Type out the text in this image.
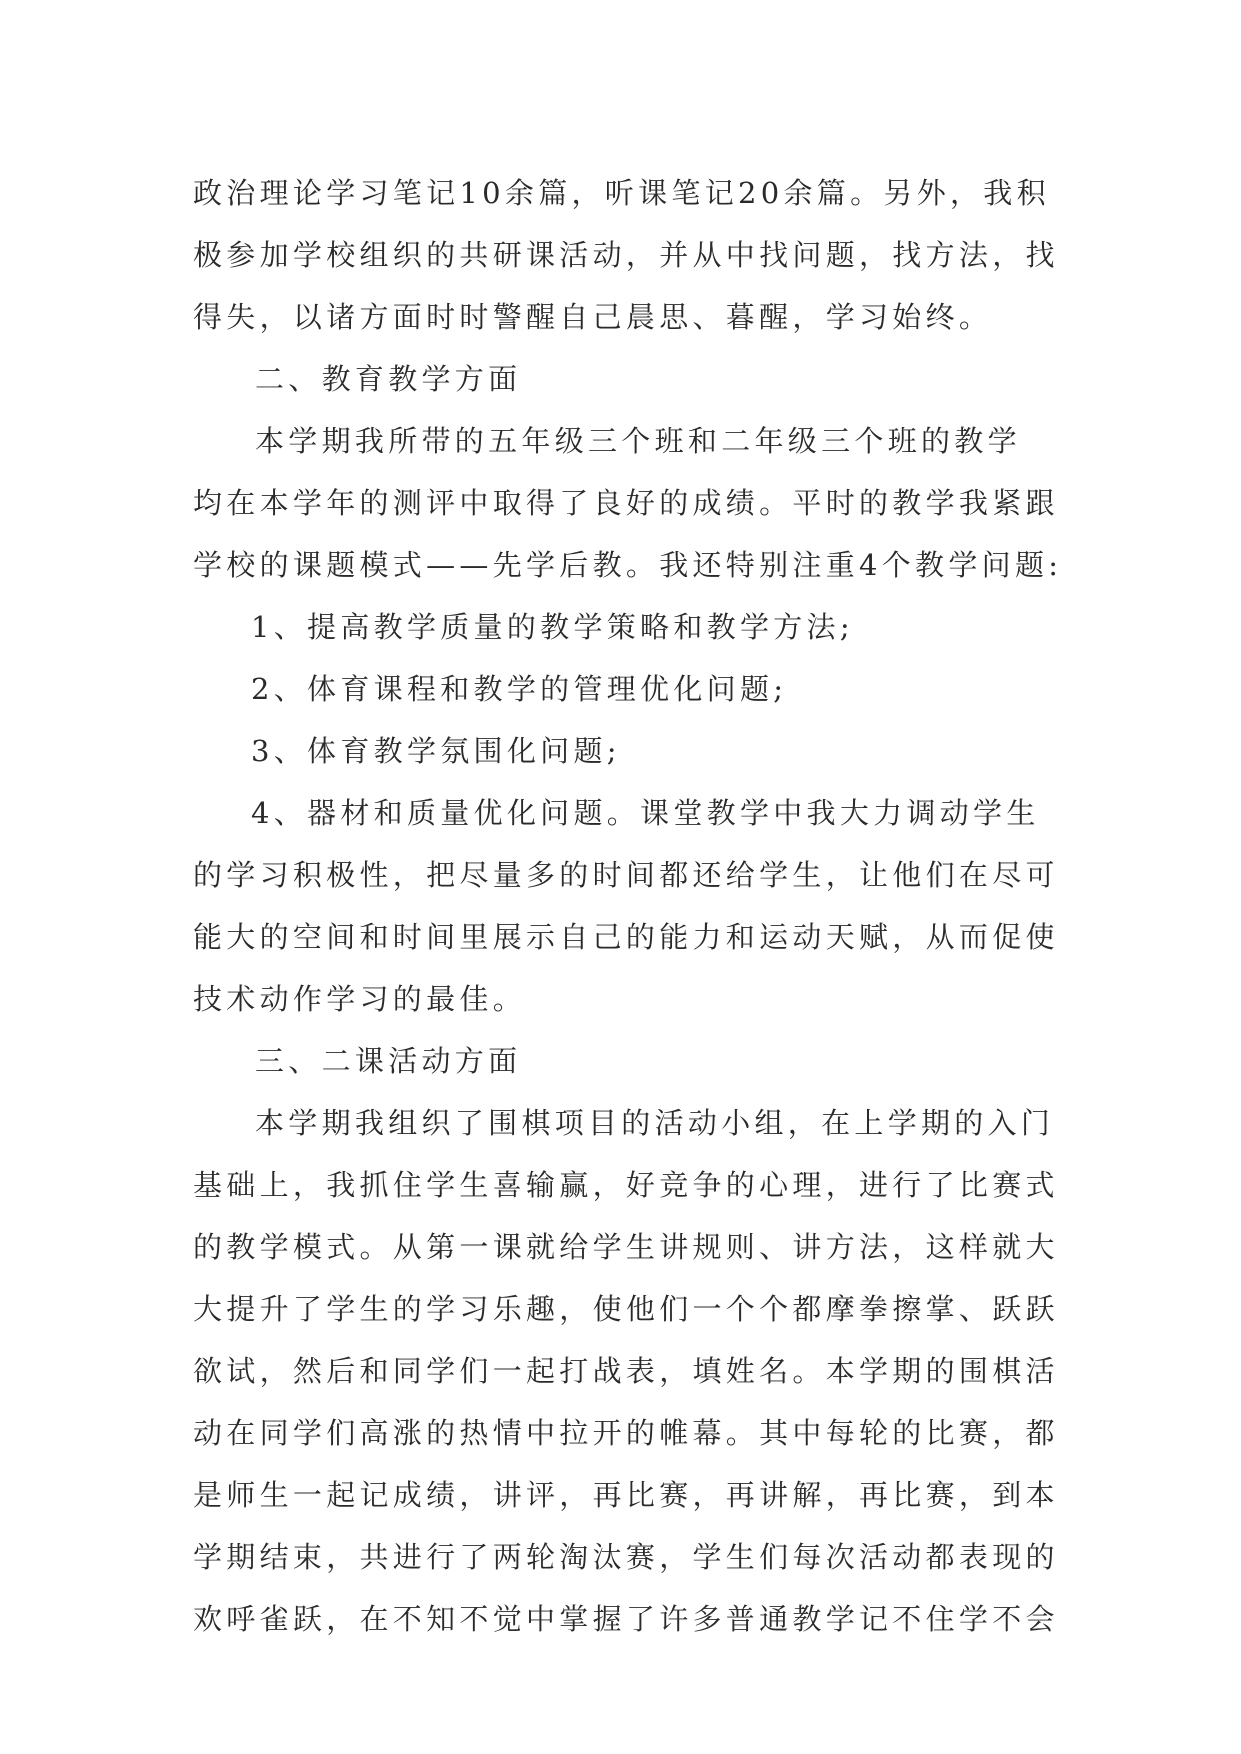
政治理论学习笔记10余篇，听课笔记20余篇。另外，我积
极参加学校组织的共研课活动，并从中找问题，找方法，找
得失，以诸方面时时警醒自己晨思、暮醒，学习始终。
二、教育教学方面
本学期我所带的五年级三个班和二年级三个班的教学
均在本学年的测评中取得了良好的成绩。平时的教学我紧跟
学校的课题模式——先学后教。我还特别注重4个教学问题:
1、提高教学质量的教学策略和教学方法;
2、体育课程和教学的管理优化问题;
3、体育教学氛围化问题;
4、器材和质量优化问题。课堂教学中我大力调动学生
的学习积极性，把尽量多的时间都还给学生，让他们在尽可
能大的空间和时间里展示自己的能力和运动天赋，从而促使
技术动作学习的最佳。
三、二课活动方面
本学期我组织了围棋项目的活动小组，在上学期的入门
基础上，我抓住学生喜输赢，好竞争的心理，进行了比赛式
的教学模式。从第一课就给学生讲规则、讲方法，这样就大
大提升了学生的学习乐趣，使他们一个个都摩拳擦掌、跃跃
欲试，然后和同学们一起打战表，填姓名。本学期的围棋活
动在同学们高涨的热情中拉开的帷幕。其中每轮的比赛，都
是师生一起记成绩，讲评，再比赛，再讲解，再比赛，到本
学期结束，共进行了两轮淘汰赛，学生们每次活动都表现的
欢呼雀跃，在不知不觉中掌握了许多普通教学记不住学不会
